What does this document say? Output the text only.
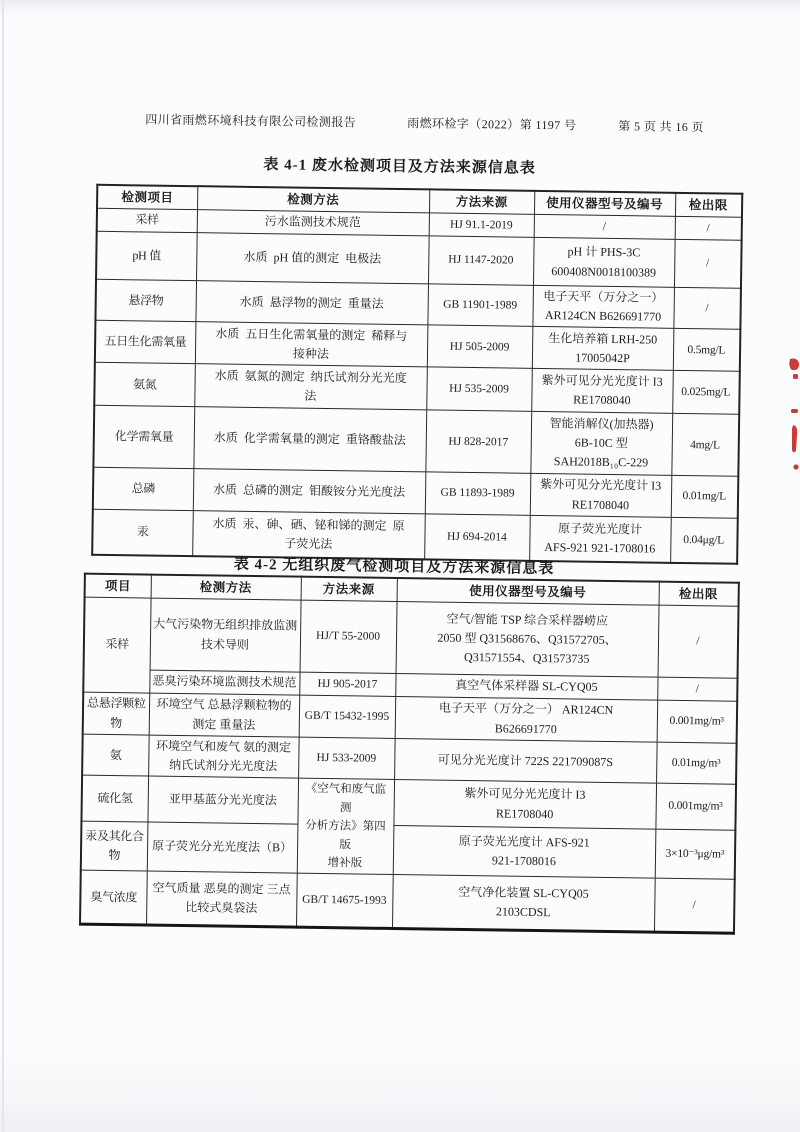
四川省雨燃环境科技有限公司检测报告	雨燃环检字（2022）第 1197 号	第 5 页 共 16 页
表 4-1 废水检测项目及方法来源信息表
检测项目	检测方法	方法来源	使用仪器型号及编号	检出限
采样	污水监测技术规范	HJ 91.1-2019	/	/
pH 值	水质  pH 值的测定  电极法	HJ 1147-2020	pH 计 PHS-3C
600408N0018100389	/
悬浮物	水质  悬浮物的测定  重量法	GB 11901-1989	电子天平（万分之一）
AR124CN B626691770	/
五日生化需氧量	水质  五日生化需氧量的测定  稀释与
接种法	HJ 505-2009	生化培养箱 LRH-250
17005042P	0.5mg/L
氨氮	水质  氨氮的测定  纳氏试剂分光光度
法	HJ 535-2009	紫外可见分光光度计 I3
RE1708040	0.025mg/L
化学需氧量	水质  化学需氧量的测定  重铬酸盐法	HJ 828-2017	智能消解仪(加热器)
6B-10C 型
SAH2018B₁₀C-229	4mg/L
总磷	水质  总磷的测定  钼酸铵分光光度法	GB 11893-1989	紫外可见分光光度计 I3
RE1708040	0.01mg/L
汞	水质  汞、砷、硒、铋和锑的测定  原
子荧光法	HJ 694-2014	原子荧光光度计
AFS-921 921-1708016	0.04μg/L
表 4-2 无组织废气检测项目及方法来源信息表
项目	检测方法	方法来源	使用仪器型号及编号	检出限
采样	大气污染物无组织排放监测
技术导则	HJ/T 55-2000	空气/智能 TSP 综合采样器崂应
2050 型 Q31568676、Q31572705、
Q31571554、Q31573735	/
	恶臭污染环境监测技术规范	HJ 905-2017	真空气体采样器 SL-CYQ05	/
总悬浮颗粒物	环境空气 总悬浮颗粒物的
测定 重量法	GB/T 15432-1995	电子天平（万分之一） AR124CN
B626691770	0.001mg/m³
氨	环境空气和废气 氨的测定
纳氏试剂分光光度法	HJ 533-2009	可见分光光度计 722S 221709087S	0.01mg/m³
硫化氢	亚甲基蓝分光光度法	《空气和废气监测
分析方法》第四版
增补版	紫外可见分光光度计 I3
RE1708040	0.001mg/m³
汞及其化合物	原子荧光分光光度法（B）		原子荧光光度计 AFS-921
921-1708016	3×10⁻³μg/m³
臭气浓度	空气质量 恶臭的测定 三点
比较式臭袋法	GB/T 14675-1993	空气净化装置 SL-CYQ05
2103CDSL	/
